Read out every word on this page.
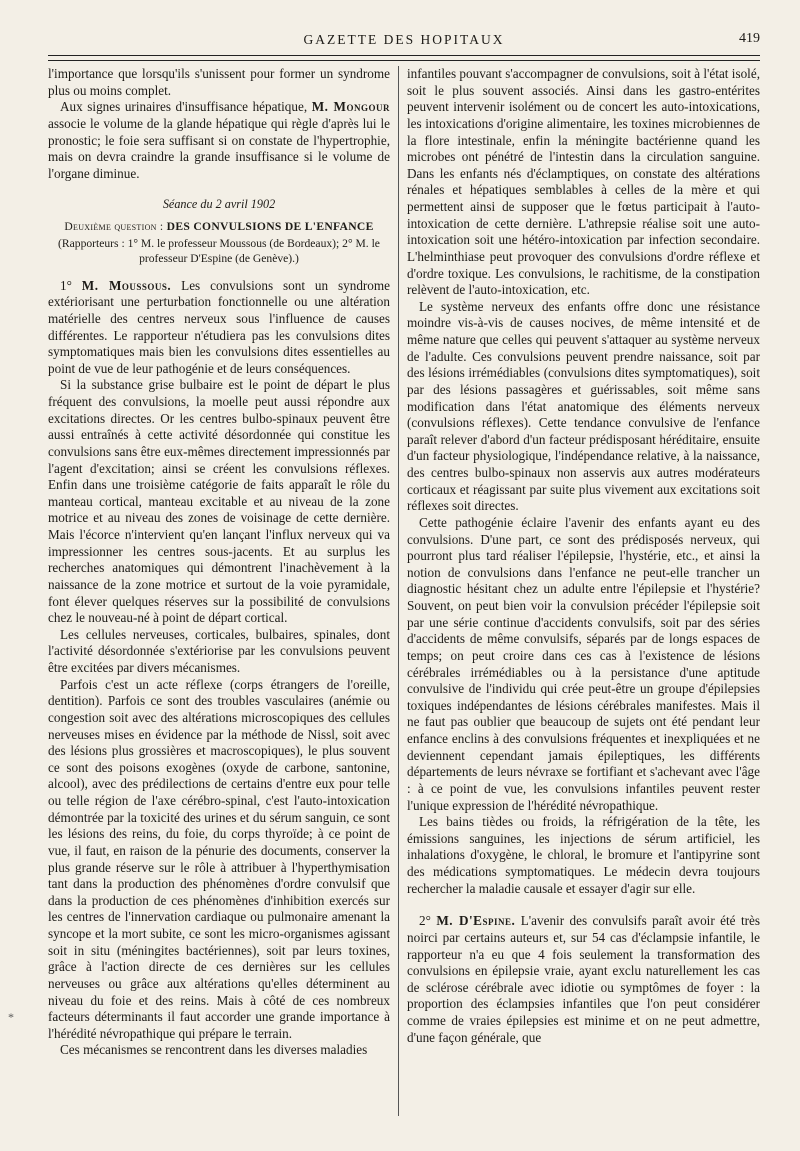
GAZETTE DES HOPITAUX	419

l'importance que lorsqu'ils s'unissent pour former un syndrome plus ou moins complet.

Aux signes urinaires d'insuffisance hépatique, M. Mongour associe le volume de la glande hépatique qui règle d'après lui le pronostic; le foie sera suffisant si on constate de l'hypertrophie, mais on devra craindre la grande insuffisance si le volume de l'organe diminue.

Séance du 2 avril 1902
Deuxième question : DES CONVULSIONS DE L'ENFANCE
(Rapporteurs : 1° M. le professeur Moussous (de Bordeaux); 2° M. le professeur D'Espine (de Genève).)

1° M. Moussous. Les convulsions sont un syndrome extériorisant une perturbation fonctionnelle ou une altération matérielle des centres nerveux sous l'influence de causes différentes. Le rapporteur n'étudiera pas les convulsions dites symptomatiques mais bien les convulsions dites essentielles au point de vue de leur pathogénie et de leurs conséquences.

Si la substance grise bulbaire est le point de départ le plus fréquent des convulsions, la moelle peut aussi répondre aux excitations directes. Or les centres bulbo-spinaux peuvent être aussi entraînés à cette activité désordonnée qui constitue les convulsions sans être eux-mêmes directement impressionnés par l'agent d'excitation; ainsi se créent les convulsions réflexes. Enfin dans une troisième catégorie de faits apparaît le rôle du manteau cortical, manteau excitable et au niveau de la zone motrice et au niveau des zones de voisinage de cette dernière. Mais l'écorce n'intervient qu'en lançant l'influx nerveux qui va impressionner les centres sous-jacents. Et au surplus les recherches anatomiques qui démontrent l'inachèvement à la naissance de la zone motrice et surtout de la voie pyramidale, font élever quelques réserves sur la possibilité de convulsions chez le nouveau-né à point de départ cortical.

Les cellules nerveuses, corticales, bulbaires, spinales, dont l'activité désordonnée s'extériorise par les convulsions peuvent être excitées par divers mécanismes.

Parfois c'est un acte réflexe (corps étrangers de l'oreille, dentition). Parfois ce sont des troubles vasculaires (anémie ou congestion soit avec des altérations microscopiques des cellules nerveuses mises en évidence par la méthode de Nissl, soit avec des lésions plus grossières et macroscopiques), le plus souvent ce sont des poisons exogènes (oxyde de carbone, santonine, alcool), avec des prédilections de certains d'entre eux pour telle ou telle région de l'axe cérébro-spinal, c'est l'auto-intoxication démontrée par la toxicité des urines et du sérum sanguin, ce sont les lésions des reins, du foie, du corps thyroïde; à ce point de vue, il faut, en raison de la pénurie des documents, conserver la plus grande réserve sur le rôle à attribuer à l'hyperthymisation tant dans la production des phénomènes d'ordre convulsif que dans la production de ces phénomènes d'inhibition exercés sur les centres de l'innervation cardiaque ou pulmonaire amenant la syncope et la mort subite, ce sont les micro-organismes agissant soit in situ (méningites bactériennes), soit par leurs toxines, grâce à l'action directe de ces dernières sur les cellules nerveuses ou grâce aux altérations qu'elles déterminent au niveau du foie et des reins. Mais à côté de ces nombreux facteurs déterminants il faut accorder une grande importance à l'hérédité névropathique qui prépare le terrain.

Ces mécanismes se rencontrent dans les diverses maladies

infantiles pouvant s'accompagner de convulsions, soit à l'état isolé, soit le plus souvent associés. Ainsi dans les gastro-entérites peuvent intervenir isolément ou de concert les auto-intoxications, les intoxications d'origine alimentaire, les toxines microbiennes de la flore intestinale, enfin la méningite bactérienne quand les microbes ont pénétré de l'intestin dans la circulation sanguine. Dans les enfants nés d'éclamptiques, on constate des altérations rénales et hépatiques semblables à celles de la mère et qui permettent ainsi de supposer que le fœtus participait à l'auto-intoxication de cette dernière. L'athrepsie réalise soit une auto-intoxication soit une hétéro-intoxication par infection secondaire. L'helminthiase peut provoquer des convulsions d'ordre réflexe et d'ordre toxique. Les convulsions, le rachitisme, de la constipation relèvent de l'auto-intoxication, etc.

Le système nerveux des enfants offre donc une résistance moindre vis-à-vis de causes nocives, de même intensité et de même nature que celles qui peuvent s'attaquer au système nerveux de l'adulte. Ces convulsions peuvent prendre naissance, soit par des lésions irrémédiables (convulsions dites symptomatiques), soit par des lésions passagères et guérissables, soit même sans modification dans l'état anatomique des éléments nerveux (convulsions réflexes). Cette tendance convulsive de l'enfance paraît relever d'abord d'un facteur prédisposant héréditaire, ensuite d'un facteur physiologique, l'indépendance relative, à la naissance, des centres bulbo-spinaux non asservis aux autres modérateurs corticaux et réagissant par suite plus vivement aux excitations soit réflexes soit directes.

Cette pathogénie éclaire l'avenir des enfants ayant eu des convulsions. D'une part, ce sont des prédisposés nerveux, qui pourront plus tard réaliser l'épilepsie, l'hystérie, etc., et ainsi la notion de convulsions dans l'enfance ne peut-elle trancher un diagnostic hésitant chez un adulte entre l'épilepsie et l'hystérie? Souvent, on peut bien voir la convulsion précéder l'épilepsie soit par une série continue d'accidents convulsifs, soit par des séries d'accidents de même convulsifs, séparés par de longs espaces de temps; on peut croire dans ces cas à l'existence de lésions cérébrales irrémédiables ou à la persistance d'une aptitude convulsive de l'individu qui crée peut-être un groupe d'épilepsies toxiques indépendantes de lésions cérébrales manifestes. Mais il ne faut pas oublier que beaucoup de sujets ont été pendant leur enfance enclins à des convulsions fréquentes et inexpliquées et ne deviennent cependant jamais épileptiques, les différents départements de leurs névraxe se fortifiant et s'achevant avec l'âge : à ce point de vue, les convulsions infantiles peuvent rester l'unique expression de l'hérédité névropathique.

Les bains tièdes ou froids, la réfrigération de la tête, les émissions sanguines, les injections de sérum artificiel, les inhalations d'oxygène, le chloral, le bromure et l'antipyrine sont des médications symptomatiques. Le médecin devra toujours rechercher la maladie causale et essayer d'agir sur elle.

2° M. D'Espine. L'avenir des convulsifs paraît avoir été très noirci par certains auteurs et, sur 54 cas d'éclampsie infantile, le rapporteur n'a eu que 4 fois seulement la transformation des convulsions en épilepsie vraie, ayant exclu naturellement les cas de sclérose cérébrale avec idiotie ou symptômes de foyer : la proportion des éclampsies infantiles que l'on peut considérer comme de vraies épilepsies est minime et on ne peut admettre, d'une façon générale, que

*
